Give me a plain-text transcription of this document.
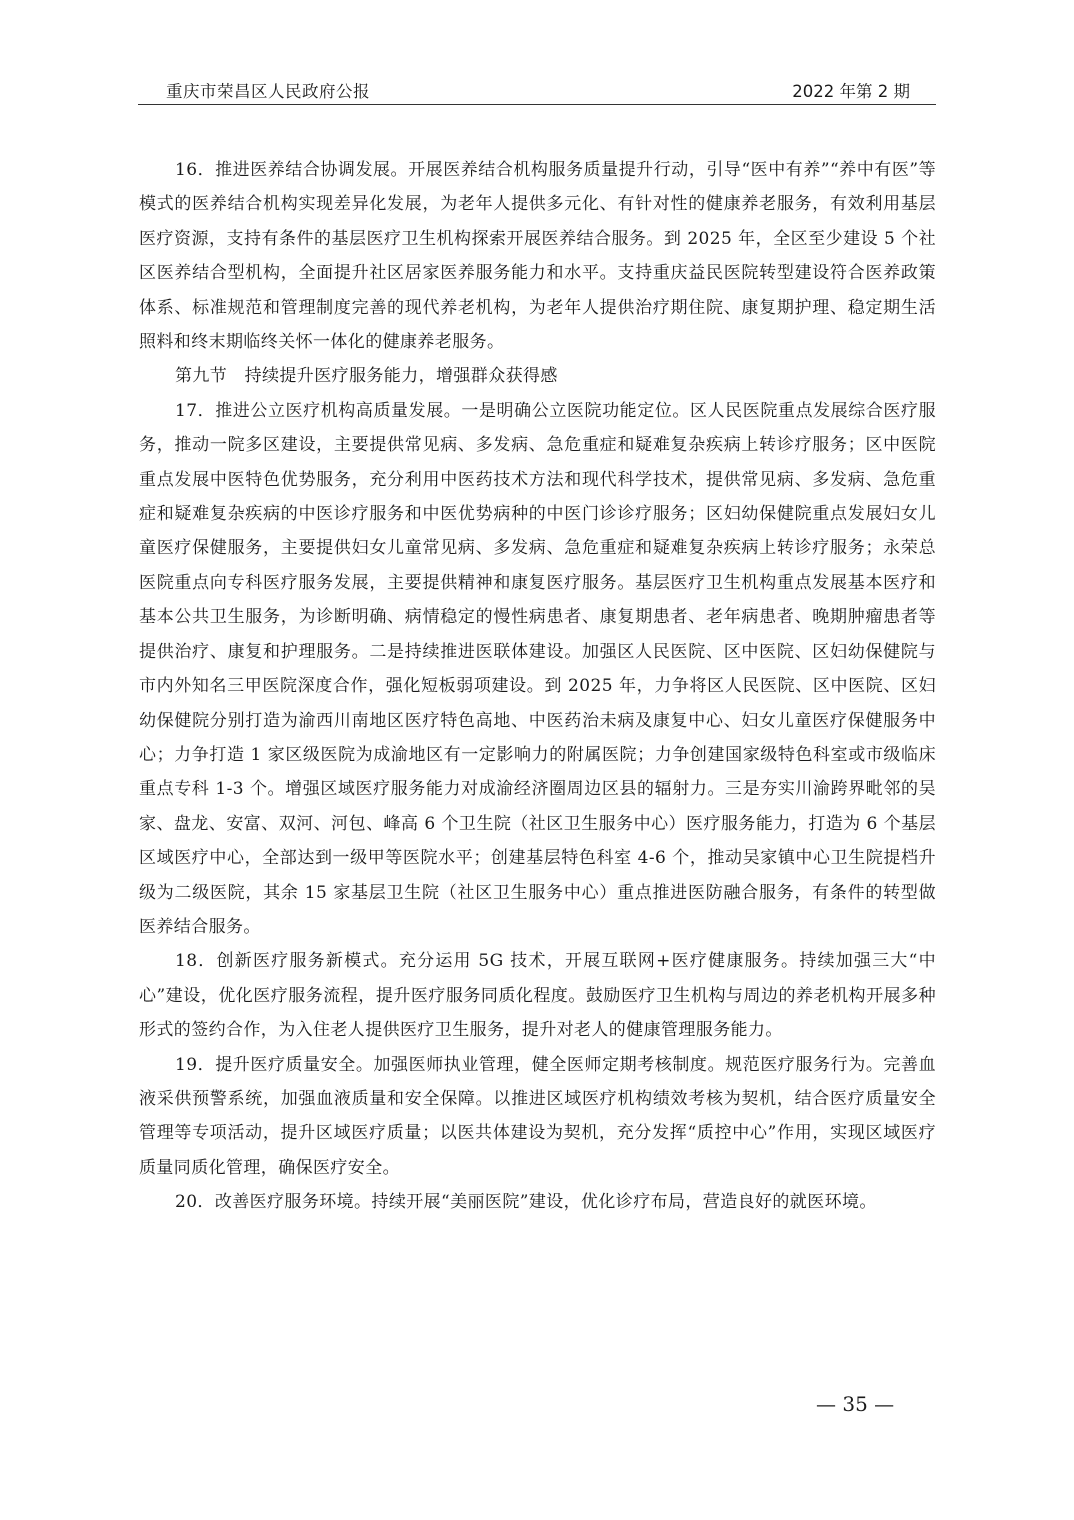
重庆市荣昌区人民政府公报	2022 年第 2 期

16．推进医养结合协调发展。开展医养结合机构服务质量提升行动，引导“医中有养”“养中有医”等模式的医养结合机构实现差异化发展，为老年人提供多元化、有针对性的健康养老服务，有效利用基层医疗资源，支持有条件的基层医疗卫生机构探索开展医养结合服务。到 2025 年，全区至少建设 5 个社区医养结合型机构，全面提升社区居家医养服务能力和水平。支持重庆益民医院转型建设符合医养政策体系、标准规范和管理制度完善的现代养老机构，为老年人提供治疗期住院、康复期护理、稳定期生活照料和终末期临终关怀一体化的健康养老服务。

第九节　持续提升医疗服务能力，增强群众获得感

17．推进公立医疗机构高质量发展。一是明确公立医院功能定位。区人民医院重点发展综合医疗服务，推动一院多区建设，主要提供常见病、多发病、急危重症和疑难复杂疾病上转诊疗服务；区中医院重点发展中医特色优势服务，充分利用中医药技术方法和现代科学技术，提供常见病、多发病、急危重症和疑难复杂疾病的中医诊疗服务和中医优势病种的中医门诊诊疗服务；区妇幼保健院重点发展妇女儿童医疗保健服务，主要提供妇女儿童常见病、多发病、急危重症和疑难复杂疾病上转诊疗服务；永荣总医院重点向专科医疗服务发展，主要提供精神和康复医疗服务。基层医疗卫生机构重点发展基本医疗和基本公共卫生服务，为诊断明确、病情稳定的慢性病患者、康复期患者、老年病患者、晚期肿瘤患者等提供治疗、康复和护理服务。二是持续推进医联体建设。加强区人民医院、区中医院、区妇幼保健院与市内外知名三甲医院深度合作，强化短板弱项建设。到 2025 年，力争将区人民医院、区中医院、区妇幼保健院分别打造为渝西川南地区医疗特色高地、中医药治未病及康复中心、妇女儿童医疗保健服务中心；力争打造 1 家区级医院为成渝地区有一定影响力的附属医院；力争创建国家级特色科室或市级临床重点专科 1-3 个。增强区域医疗服务能力对成渝经济圈周边区县的辐射力。三是夯实川渝跨界毗邻的吴家、盘龙、安富、双河、河包、峰高 6 个卫生院（社区卫生服务中心）医疗服务能力，打造为 6 个基层区域医疗中心，全部达到一级甲等医院水平；创建基层特色科室 4-6 个，推动吴家镇中心卫生院提档升级为二级医院，其余 15 家基层卫生院（社区卫生服务中心）重点推进医防融合服务，有条件的转型做医养结合服务。

18．创新医疗服务新模式。充分运用 5G 技术，开展互联网+医疗健康服务。持续加强三大“中心”建设，优化医疗服务流程，提升医疗服务同质化程度。鼓励医疗卫生机构与周边的养老机构开展多种形式的签约合作，为入住老人提供医疗卫生服务，提升对老人的健康管理服务能力。

19．提升医疗质量安全。加强医师执业管理，健全医师定期考核制度。规范医疗服务行为。完善血液采供预警系统，加强血液质量和安全保障。以推进区域医疗机构绩效考核为契机，结合医疗质量安全管理等专项活动，提升区域医疗质量；以医共体建设为契机，充分发挥“质控中心”作用，实现区域医疗质量同质化管理，确保医疗安全。

20．改善医疗服务环境。持续开展“美丽医院”建设，优化诊疗布局，营造良好的就医环境。

— 35 —
